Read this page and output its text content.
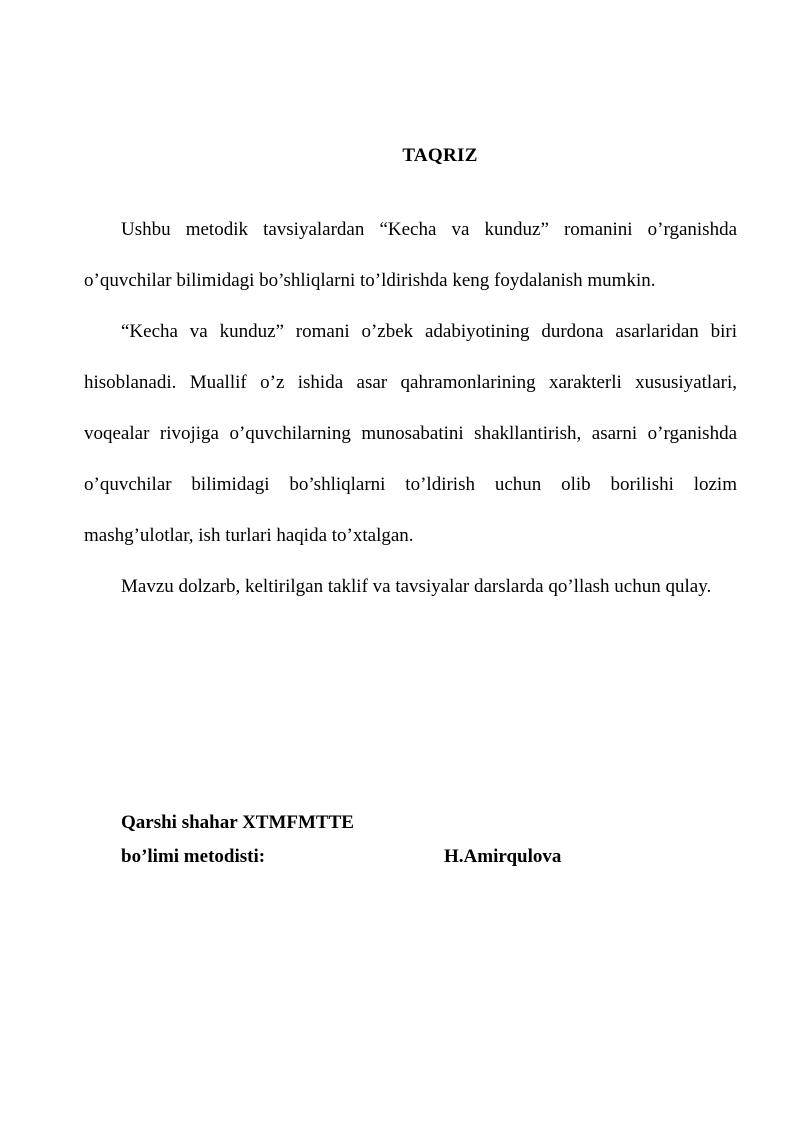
TAQRIZ

Ushbu metodik tavsiyalardan “Kecha va kunduz” romanini o’rganishda o’quvchilar bilimidagi bo’shliqlarni to’ldirishda keng foydalanish mumkin.

“Kecha va kunduz” romani o’zbek adabiyotining durdona asarlaridan biri hisoblanadi. Muallif o’z ishida asar qahramonlarining xarakterli xususiyatlari, voqealar rivojiga o’quvchilarning munosabatini shakllantirish, asarni o’rganishda o’quvchilar bilimidagi bo’shliqlarni to’ldirish uchun olib borilishi lozim mashg’ulotlar, ish turlari haqida to’xtalgan.

Mavzu dolzarb, keltirilgan taklif va tavsiyalar darslarda qo’llash uchun qulay.

Qarshi shahar XTMFMTTE
bo’limi metodisti:	H.Amirqulova
